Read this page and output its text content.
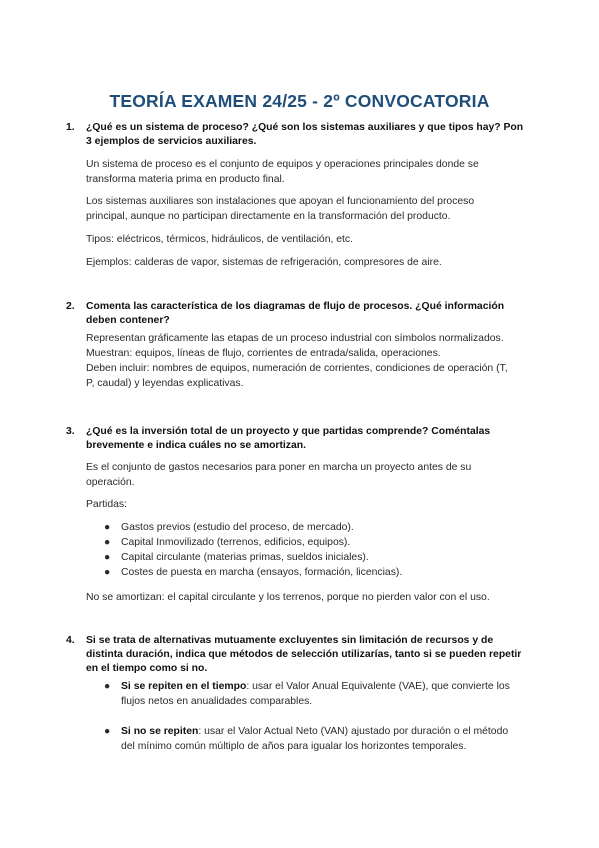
TEORÍA EXAMEN 24/25 - 2º CONVOCATORIA
1. ¿Qué es un sistema de proceso? ¿Qué son los sistemas auxiliares y que tipos hay? Pon 3 ejemplos de servicios auxiliares.
Un sistema de proceso es el conjunto de equipos y operaciones principales donde se transforma materia prima en producto final.
Los sistemas auxiliares son instalaciones que apoyan el funcionamiento del proceso principal, aunque no participan directamente en la transformación del producto.
Tipos: eléctricos, térmicos, hidráulicos, de ventilación, etc.
Ejemplos: calderas de vapor, sistemas de refrigeración, compresores de aire.
2. Comenta las característica de los diagramas de flujo de procesos. ¿Qué información deben contener?
Representan gráficamente las etapas de un proceso industrial con símbolos normalizados.
Muestran: equipos, líneas de flujo, corrientes de entrada/salida, operaciones.
Deben incluir: nombres de equipos, numeración de corrientes, condiciones de operación (T, P, caudal) y leyendas explicativas.
3. ¿Qué es la inversión total de un proyecto y que partidas comprende? Coméntalas brevemente e indica cuáles no se amortizan.
Es el conjunto de gastos necesarios para poner en marcha un proyecto antes de su operación.
Partidas:
● Gastos previos (estudio del proceso, de mercado).
● Capital Inmovilizado (terrenos, edificios, equipos).
● Capital circulante (materias primas, sueldos iniciales).
● Costes de puesta en marcha (ensayos, formación, licencias).
No se amortizan: el capital circulante y los terrenos, porque no pierden valor con el uso.
4. Si se trata de alternativas mutuamente excluyentes sin limitación de recursos y de distinta duración, indica que métodos de selección utilizarías, tanto si se pueden repetir en el tiempo como si no.
● Si se repiten en el tiempo: usar el Valor Anual Equivalente (VAE), que convierte los flujos netos en anualidades comparables.
● Si no se repiten: usar el Valor Actual Neto (VAN) ajustado por duración o el método del mínimo común múltiplo de años para igualar los horizontes temporales.
